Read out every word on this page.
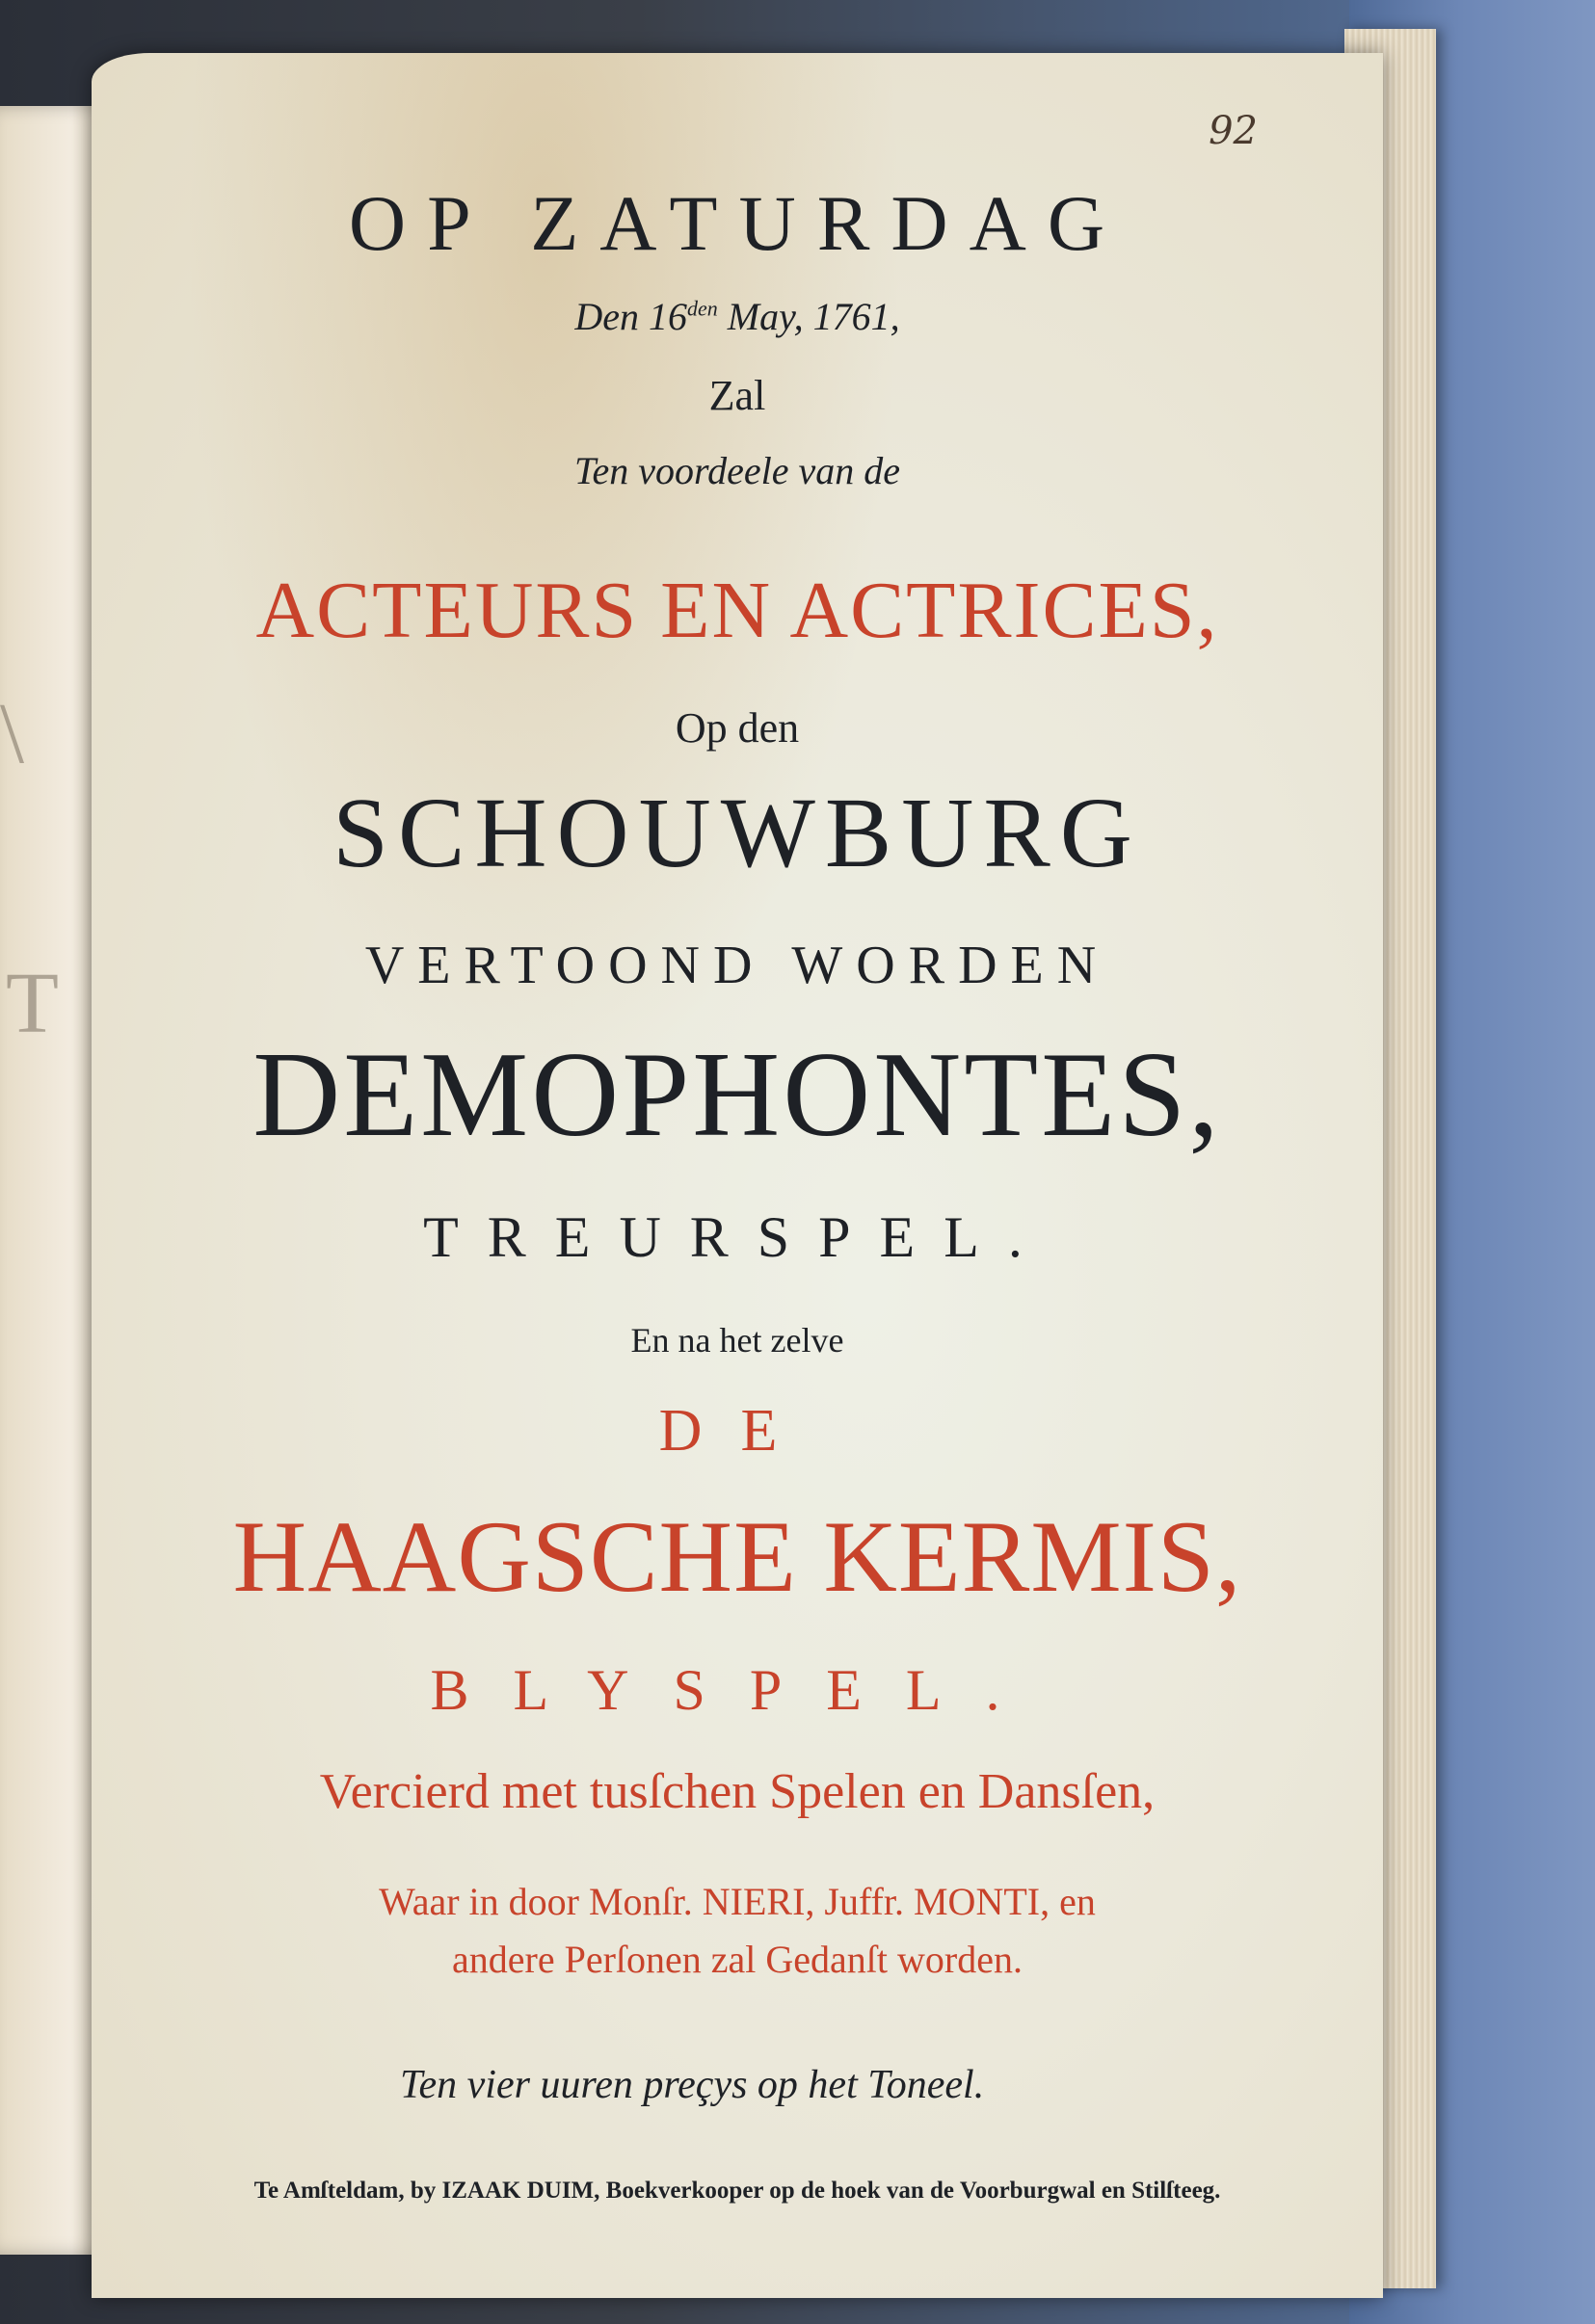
\
T
92

OP ZATURDAG

Den $16^{den}$ May, 1761,

Zal

Ten voordeele van de

ACTEURS EN ACTRICES,

Op den

SCHOUWBURG

VERTOOND WORDEN

DEMOPHONTES,

TREURSPEL.

En na het zelve

DE

HAAGSCHE KERMIS,

BLYSPEL.

Vercierd met tusſchen Spelen en Dansſen,

Waar in door Monſr. NIERI, Juffr. MONTI, en

andere Perſonen zal Gedanſt worden.

Ten vier uuren preçys op het Toneel.

Te Amſteldam, by IZAAK DUIM, Boekverkooper op de hoek van de Voorburgwal en Stilſteeg.
